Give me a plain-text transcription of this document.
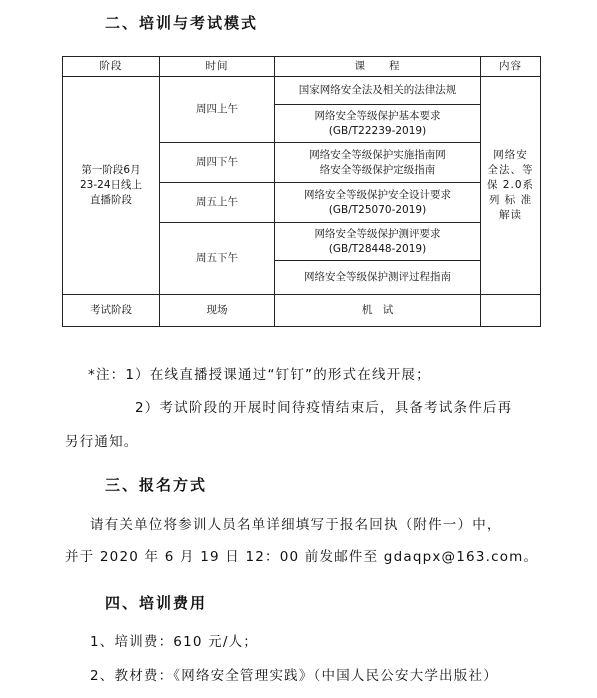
二、培训与考试模式
阶段	时间	课　　程	内容

第一阶段6月
23-24日线上
直播阶段	周四上午	国家网络安全法及相关的法律法规	网络安
全法、等
保 2.0系
列 标 准
解读

		网络安全等级保护基本要求
(GB/T22239-2019)	

	周四下午	网络安全等级保护实施指南网
络安全等级保护定级指南	

	周五上午	网络安全等级保护安全设计要求
(GB/T25070-2019)	

	周五下午	网络安全等级保护测评要求
(GB/T28448-2019)	

		网络安全等级保护测评过程指南	

考试阶段	现场	机　试	
*注：1）在线直播授课通过“钉钉”的形式在线开展；
2）考试阶段的开展时间待疫情结束后，具备考试条件后再
另行通知。
三、报名方式
请有关单位将参训人员名单详细填写于报名回执（附件一）中，
并于 2020 年 6 月 19 日 12：00 前发邮件至 gdaqpx@163.com。
四、培训费用
1、培训费：610 元/人；
2、教材费：《网络安全管理实践》（中国人民公安大学出版社）
